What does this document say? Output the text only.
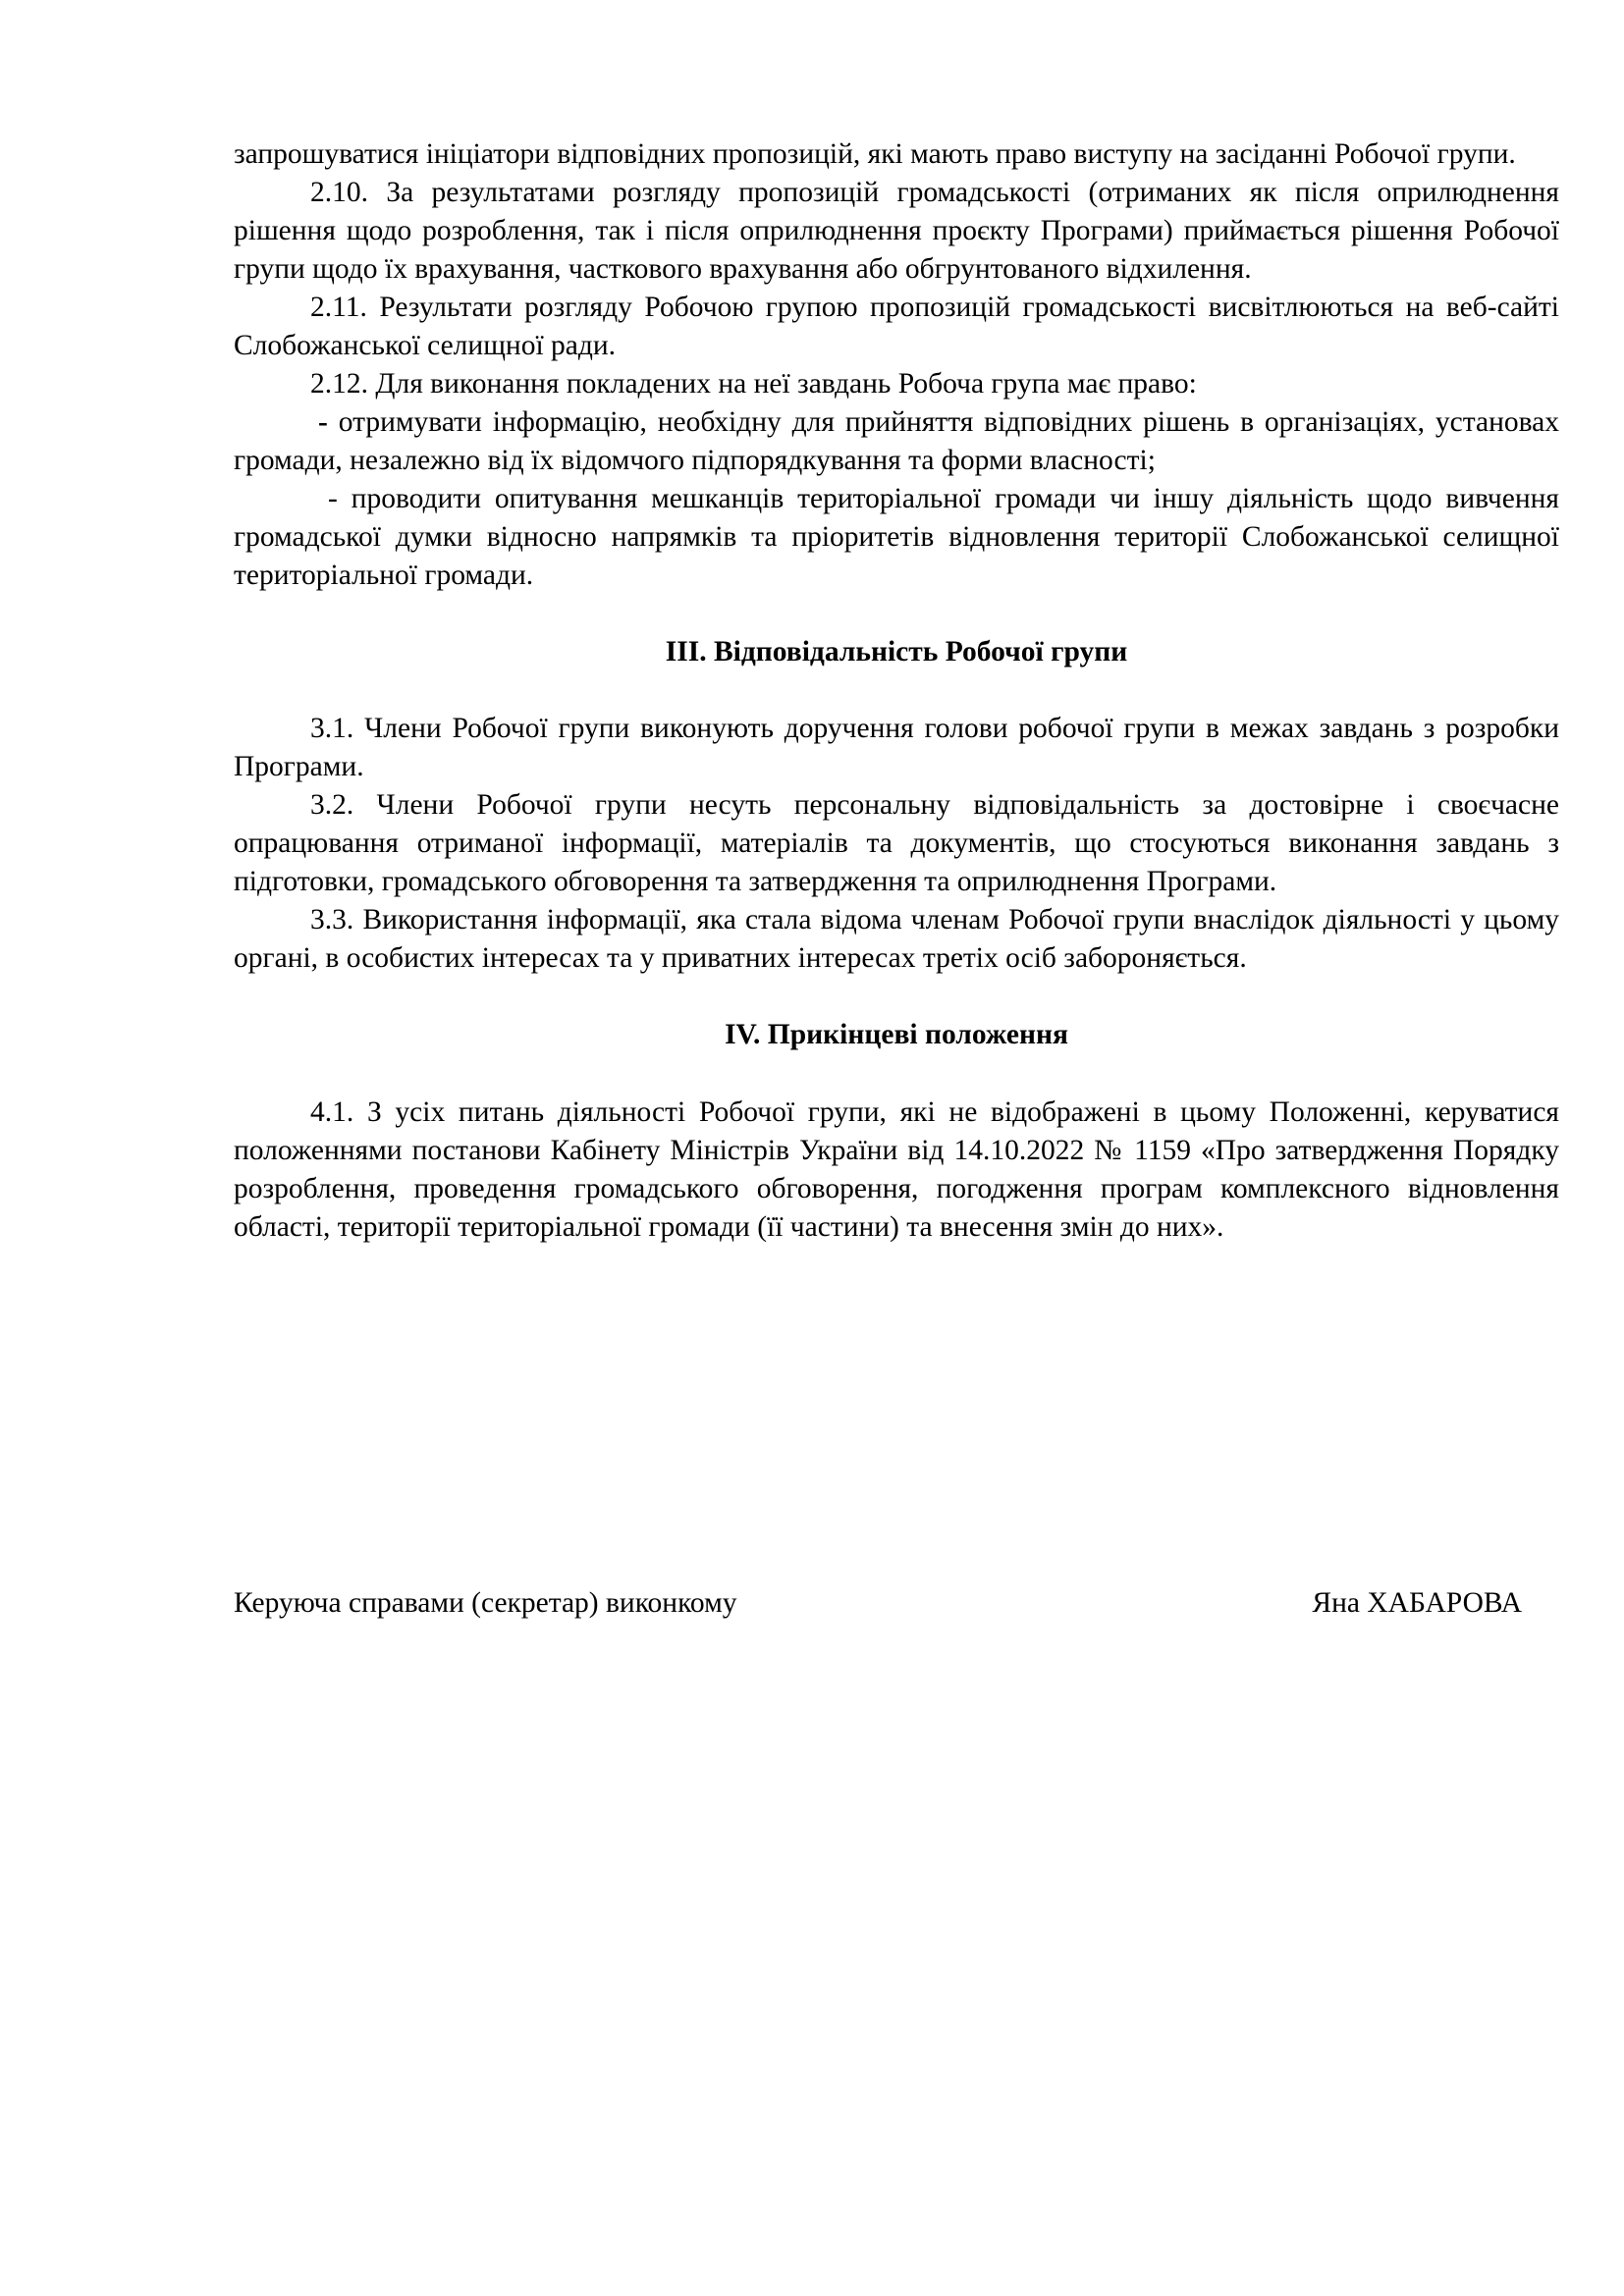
запрошуватися ініціатори відповідних пропозицій, які мають право виступу на засіданні Робочої групи.

2.10. За результатами розгляду пропозицій громадськості (отриманих як після оприлюднення рішення щодо розроблення, так і після оприлюднення проєкту Програми) приймається рішення Робочої групи щодо їх врахування, часткового врахування або обгрунтованого відхилення.

2.11. Результати розгляду Робочою групою пропозицій громадськості висвітлюються на веб-сайті Слобожанської селищної ради.

2.12. Для виконання покладених на неї завдань Робоча група має право:

- отримувати інформацію, необхідну для прийняття відповідних рішень в організаціях, установах громади, незалежно від їх відомчого підпорядкування та форми власності;

- проводити опитування мешканців територіальної громади чи іншу діяльність щодо вивчення громадської думки відносно напрямків та пріоритетів відновлення території Слобожанської селищної територіальної громади.

ІІІ. Відповідальність Робочої групи

3.1. Члени Робочої групи виконують доручення голови робочої групи в межах завдань з розробки Програми.

3.2. Члени Робочої групи несуть персональну відповідальність за достовірне і своєчасне опрацювання отриманої інформації, матеріалів та документів, що стосуються виконання завдань з підготовки, громадського обговорення та затвердження та оприлюднення Програми.

3.3. Використання інформації, яка стала відома членам Робочої групи внаслідок діяльності у цьому органі, в особистих інтересах та у приватних інтересах третіх осіб забороняється.

IV. Прикінцеві положення

4.1. З усіх питань діяльності Робочої групи, які не відображені в цьому Положенні, керуватися положеннями постанови Кабінету Міністрів України від 14.10.2022 № 1159 «Про затвердження Порядку розроблення, проведення громадського обговорення, погодження програм комплексного відновлення області, території територіальної громади (її частини) та внесення змін до них».

Керуюча справами (секретар) виконкому	Яна ХАБАРОВА
